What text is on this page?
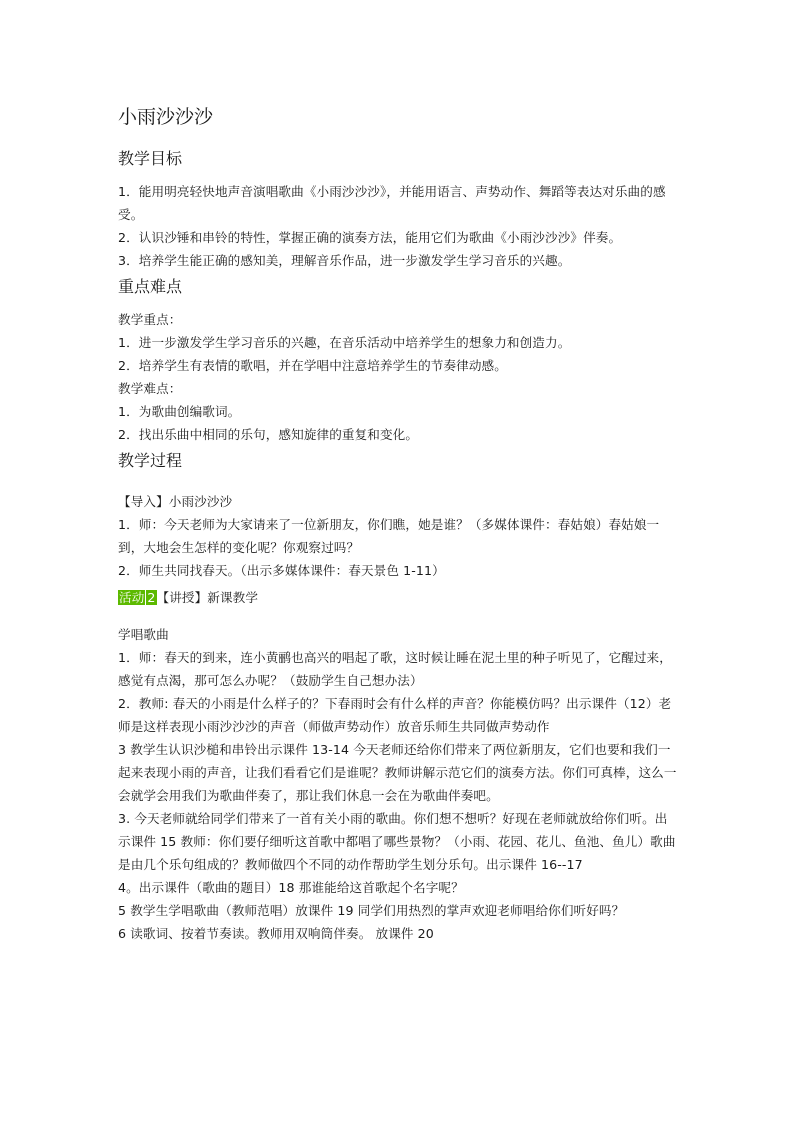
小雨沙沙沙
教学目标

1．能用明亮轻快地声音演唱歌曲《小雨沙沙沙》，并能用语言、声势动作、舞蹈等表达对乐曲的感受。

2．认识沙锤和串铃的特性，掌握正确的演奏方法，能用它们为歌曲《小雨沙沙沙》伴奏。

3．培养学生能正确的感知美，理解音乐作品，进一步激发学生学习音乐的兴趣。

重点难点

教学重点：

1．进一步激发学生学习音乐的兴趣，在音乐活动中培养学生的想象力和创造力。

2．培养学生有表情的歌唱，并在学唱中注意培养学生的节奏律动感。

教学难点：

1．为歌曲创编歌词。

2．找出乐曲中相同的乐句，感知旋律的重复和变化。

教学过程

【导入】小雨沙沙沙

1．师：今天老师为大家请来了一位新朋友，你们瞧，她是谁？（多媒体课件：春姑娘）春姑娘一到，大地会生怎样的变化呢？你观察过吗？

2．师生共同找春天。（出示多媒体课件：春天景色 1-11）

活动 2【讲授】新课教学

学唱歌曲

1．师：春天的到来，连小黄鹂也高兴的唱起了歌，这时候让睡在泥土里的种子听见了，它醒过来，感觉有点渴，那可怎么办呢？（鼓励学生自己想办法）

2．教师: 春天的小雨是什么样子的？下春雨时会有什么样的声音？你能模仿吗？出示课件（12）老师是这样表现小雨沙沙沙的声音（师做声势动作）放音乐师生共同做声势动作

3 教学生认识沙槌和串铃出示课件 13-14 今天老师还给你们带来了两位新朋友，它们也要和我们一起来表现小雨的声音，让我们看看它们是谁呢？教师讲解示范它们的演奏方法。你们可真棒，这么一会就学会用我们为歌曲伴奏了，那让我们休息一会在为歌曲伴奏吧。

3. 今天老师就给同学们带来了一首有关小雨的歌曲。你们想不想听？好现在老师就放给你们听。出示课件 15 教师：你们要仔细听这首歌中都唱了哪些景物？（小雨、花园、花儿、鱼池、鱼儿）歌曲是由几个乐句组成的？教师做四个不同的动作帮助学生划分乐句。出示课件 16--17

4。出示课件（歌曲的题目）18 那谁能给这首歌起个名字呢？

5 教学生学唱歌曲（教师范唱）放课件 19 同学们用热烈的掌声欢迎老师唱给你们听好吗？

6 读歌词、按着节奏读。教师用双响筒伴奏。 放课件 20
